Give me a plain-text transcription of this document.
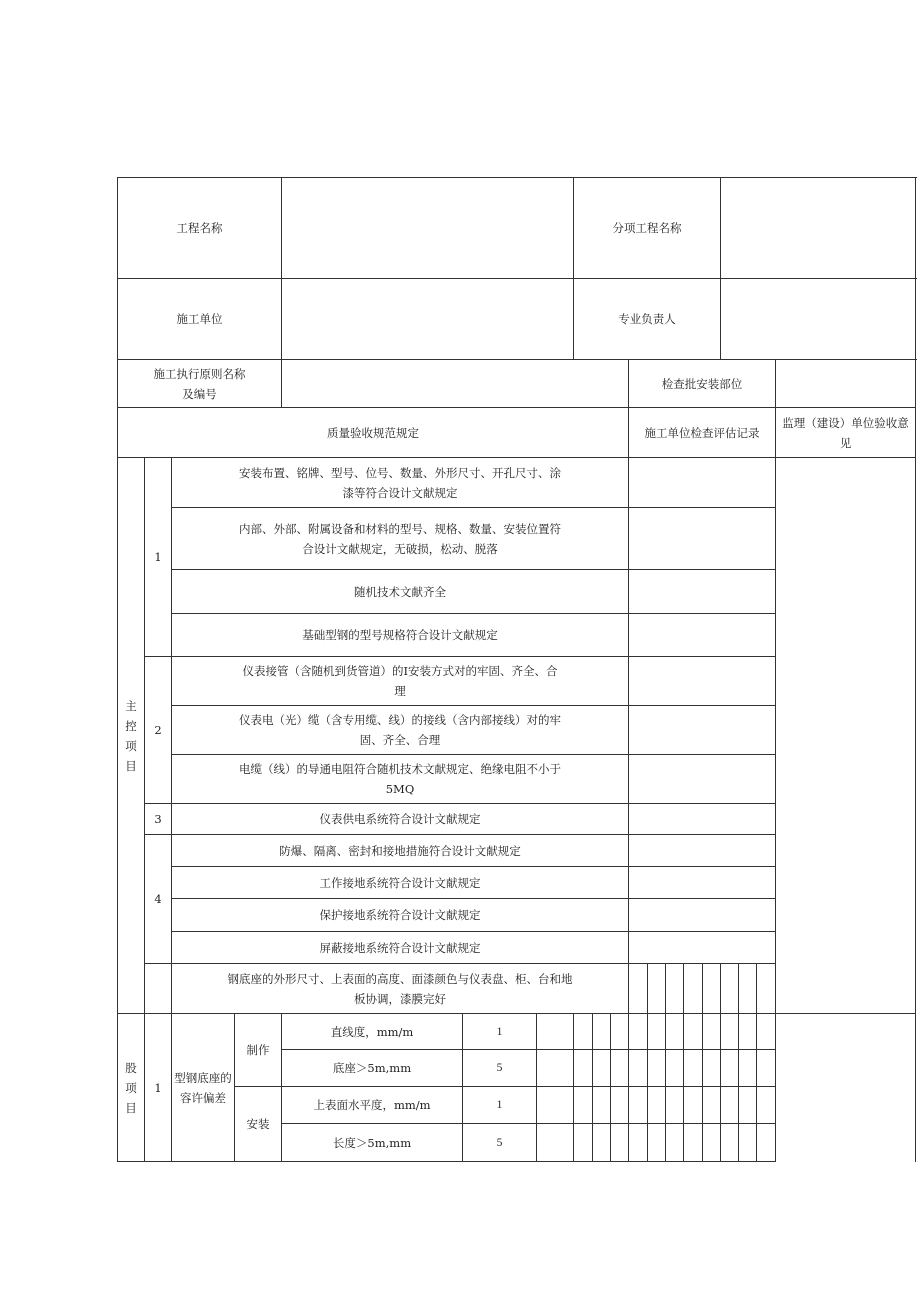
工程名称							分项工程名称			
施工单位							专业负责人			
施工执行原则名称
及编号										检查批安装部位									
质量验收规范规定										施工单位检查评估记录								监理（建设）单位验收意
见	
主
控
项
目	1	安装布置、铭牌、型号、位号、数量、外形尺寸、开孔尺寸、涂
漆等符合设计文献规定																	
		内部、外部、附属设备和材料的型号、规格、数量、安装位置符
合设计文献规定，无破损，松动、脱落																	
		随机技术文献齐全																	
		基础型钢的型号规格符合设计文献规定																	
	2	仪表接管（含随机到货管道）的I安装方式对的牢固、齐全、合
理																	
		仪表电（光）缆（含专用缆、线）的接线（含内部接线）对的牢
固、齐全、合理																	
		电缆（线）的导通电阻符合随机技术文献规定、绝缘电阻不小于
5MQ																	
	3	仪表供电系统符合设计文献规定																	
	4	防爆、隔离、密封和接地措施符合设计文献规定																	
		工作接地系统符合设计文献规定																	
		保护接地系统符合设计文献规定																	
		屏蔽接地系统符合设计文献规定																	
		钢底座的外形尺寸、上表面的高度、面漆颜色与仪表盘、柜、台和地
板协调，漆膜完好																	
股
项
目	1	型钢底座的
容许偏差	制作	直线度，mm/m	1														
				底座＞5m,mm	5														
			安装	上表面水平度，mm/m	1														
				长度＞5m,mm	5														
